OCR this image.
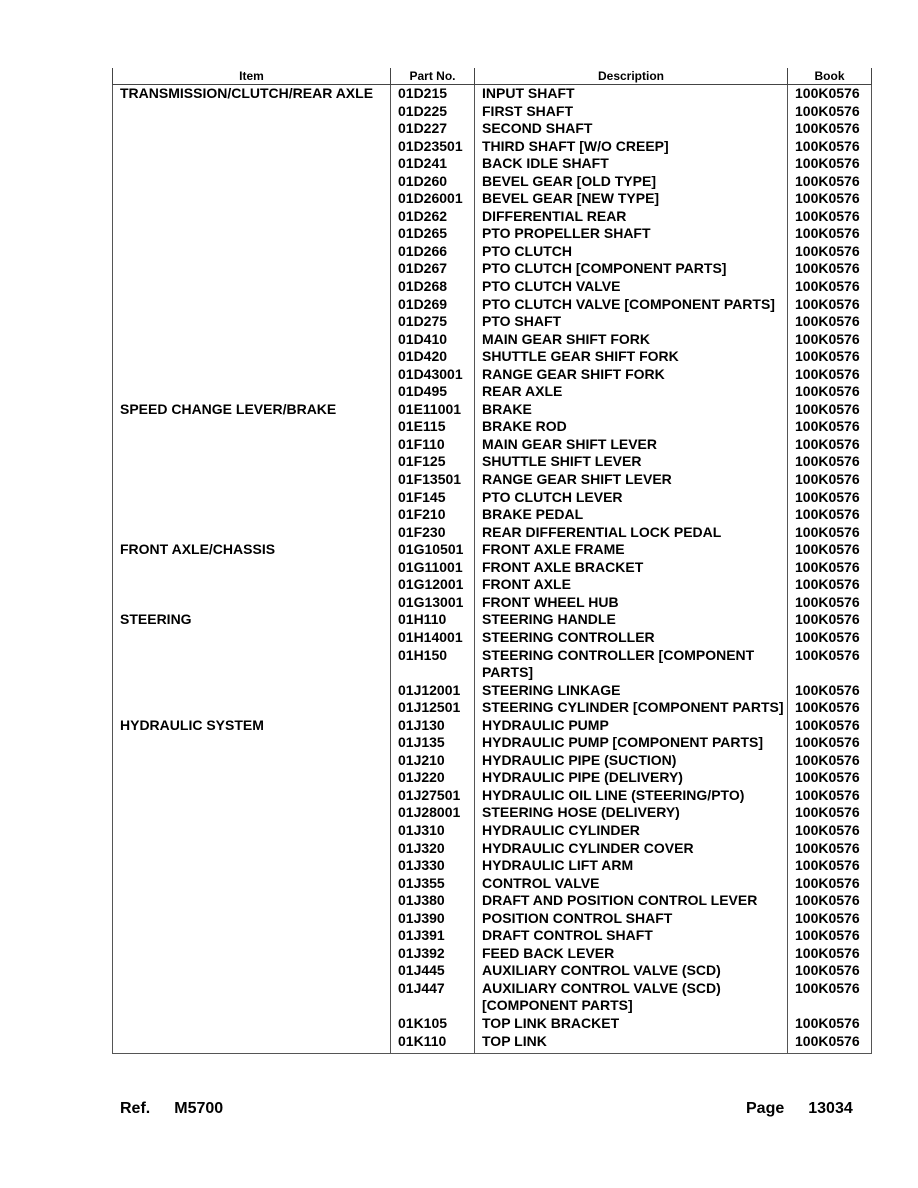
Item	Part No.	Description	Book
TRANSMISSION/CLUTCH/REAR AXLE	01D215	INPUT SHAFT	100K0576
	01D225	FIRST SHAFT	100K0576
	01D227	SECOND SHAFT	100K0576
	01D23501	THIRD SHAFT [W/O CREEP]	100K0576
	01D241	BACK IDLE SHAFT	100K0576
	01D260	BEVEL GEAR [OLD TYPE]	100K0576
	01D26001	BEVEL GEAR [NEW TYPE]	100K0576
	01D262	DIFFERENTIAL REAR	100K0576
	01D265	PTO PROPELLER SHAFT	100K0576
	01D266	PTO CLUTCH	100K0576
	01D267	PTO CLUTCH [COMPONENT PARTS]	100K0576
	01D268	PTO CLUTCH VALVE	100K0576
	01D269	PTO CLUTCH VALVE [COMPONENT PARTS]	100K0576
	01D275	PTO SHAFT	100K0576
	01D410	MAIN GEAR SHIFT FORK	100K0576
	01D420	SHUTTLE GEAR SHIFT FORK	100K0576
	01D43001	RANGE GEAR SHIFT FORK	100K0576
	01D495	REAR AXLE	100K0576
SPEED CHANGE LEVER/BRAKE	01E11001	BRAKE	100K0576
	01E115	BRAKE ROD	100K0576
	01F110	MAIN GEAR SHIFT LEVER	100K0576
	01F125	SHUTTLE SHIFT LEVER	100K0576
	01F13501	RANGE GEAR SHIFT LEVER	100K0576
	01F145	PTO CLUTCH LEVER	100K0576
	01F210	BRAKE PEDAL	100K0576
	01F230	REAR DIFFERENTIAL LOCK PEDAL	100K0576
FRONT AXLE/CHASSIS	01G10501	FRONT AXLE FRAME	100K0576
	01G11001	FRONT AXLE BRACKET	100K0576
	01G12001	FRONT AXLE	100K0576
	01G13001	FRONT WHEEL HUB	100K0576
STEERING	01H110	STEERING HANDLE	100K0576
	01H14001	STEERING CONTROLLER	100K0576
	01H150	STEERING CONTROLLER [COMPONENT PARTS]	100K0576
	01J12001	STEERING LINKAGE	100K0576
	01J12501	STEERING CYLINDER [COMPONENT PARTS]	100K0576
HYDRAULIC SYSTEM	01J130	HYDRAULIC PUMP	100K0576
	01J135	HYDRAULIC PUMP [COMPONENT PARTS]	100K0576
	01J210	HYDRAULIC PIPE (SUCTION)	100K0576
	01J220	HYDRAULIC PIPE (DELIVERY)	100K0576
	01J27501	HYDRAULIC OIL LINE (STEERING/PTO)	100K0576
	01J28001	STEERING HOSE (DELIVERY)	100K0576
	01J310	HYDRAULIC CYLINDER	100K0576
	01J320	HYDRAULIC CYLINDER COVER	100K0576
	01J330	HYDRAULIC LIFT ARM	100K0576
	01J355	CONTROL VALVE	100K0576
	01J380	DRAFT AND POSITION CONTROL LEVER	100K0576
	01J390	POSITION CONTROL SHAFT	100K0576
	01J391	DRAFT CONTROL SHAFT	100K0576
	01J392	FEED BACK LEVER	100K0576
	01J445	AUXILIARY CONTROL VALVE (SCD)	100K0576
	01J447	AUXILIARY CONTROL VALVE (SCD) [COMPONENT PARTS]	100K0576
	01K105	TOP LINK BRACKET	100K0576
	01K110	TOP LINK	100K0576
Ref. M5700	Page 13034
